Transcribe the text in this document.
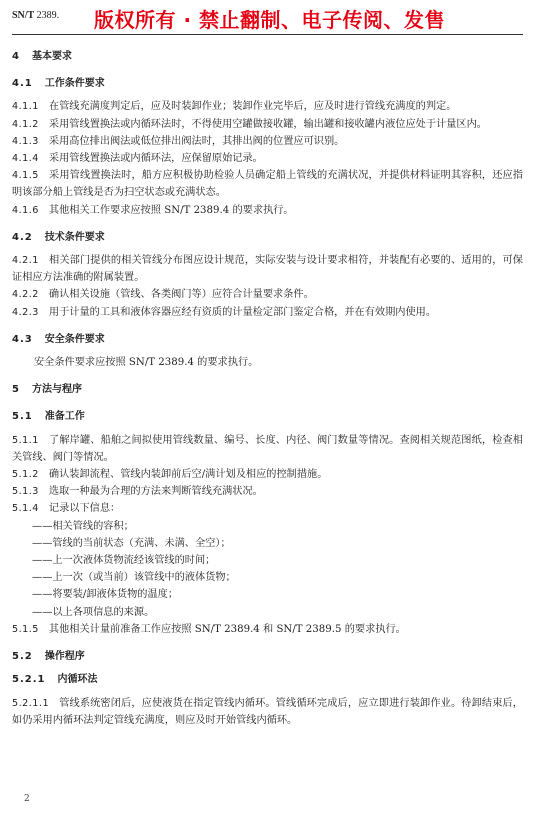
SN/T 2389. 版权所有 · 禁止翻制、电子传阅、发售

4 基本要求

4.1 工作条件要求

4.1.1 在管线充满度判定后，应及时装卸作业；装卸作业完毕后，应及时进行管线充满度的判定。

4.1.2 采用管线置换法或内循环法时，不得使用空罐做接收罐，输出罐和接收罐内液位应处于计量区内。

4.1.3 采用高位排出阀法或低位排出阀法时，其排出阀的位置应可识别。

4.1.4 采用管线置换法或内循环法，应保留原始记录。

4.1.5 采用管线置换法时，船方应积极协助检验人员确定船上管线的充满状况，并提供材料证明其容积，还应指明该部分船上管线是否为扫空状态或充满状态。

4.1.6 其他相关工作要求应按照 SN/T 2389.4 的要求执行。

4.2 技术条件要求

4.2.1 相关部门提供的相关管线分布图应设计规范，实际安装与设计要求相符，并装配有必要的、适用的，可保证相应方法准确的附属装置。

4.2.2 确认相关设施（管线、各类阀门等）应符合计量要求条件。

4.2.3 用于计量的工具和液体容器应经有资质的计量检定部门鉴定合格，并在有效期内使用。

4.3 安全条件要求

安全条件要求应按照 SN/T 2389.4 的要求执行。

5 方法与程序

5.1 准备工作

5.1.1 了解岸罐、船舶之间拟使用管线数量、编号、长度、内径、阀门数量等情况。查阅相关规范图纸，检查相关管线、阀门等情况。

5.1.2 确认装卸流程、管线内装卸前后空/满计划及相应的控制措施。

5.1.3 选取一种最为合理的方法来判断管线充满状况。

5.1.4 记录以下信息：

——相关管线的容积；

——管线的当前状态（充满、未满、全空）；

——上一次液体货物流经该管线的时间；

——上一次（或当前）该管线中的液体货物；

——将要装/卸液体货物的温度；

——以上各项信息的来源。

5.1.5 其他相关计量前准备工作应按照 SN/T 2389.4 和 SN/T 2389.5 的要求执行。

5.2 操作程序

5.2.1 内循环法

5.2.1.1 管线系统密闭后，应使液货在指定管线内循环。管线循环完成后，应立即进行装卸作业。待卸结束后，如仍采用内循环法判定管线充满度，则应及时开始管线内循环。

2
